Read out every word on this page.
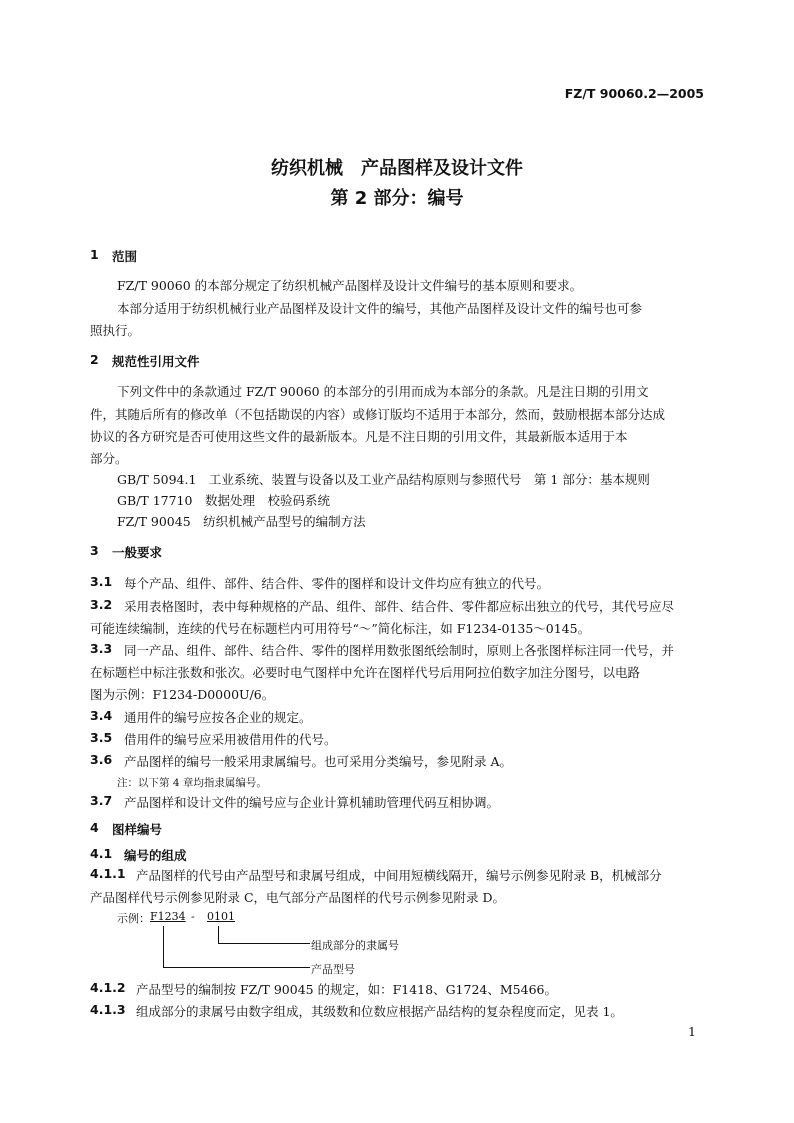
FZ/T 90060.2—2005
纺织机械　产品图样及设计文件
第 2 部分：编号
1 范围
FZ/T 90060 的本部分规定了纺织机械产品图样及设计文件编号的基本原则和要求。
本部分适用于纺织机械行业产品图样及设计文件的编号，其他产品图样及设计文件的编号也可参
照执行。
2 规范性引用文件
下列文件中的条款通过 FZ/T 90060 的本部分的引用而成为本部分的条款。凡是注日期的引用文
件，其随后所有的修改单（不包括勘误的内容）或修订版均不适用于本部分，然而，鼓励根据本部分达成
协议的各方研究是否可使用这些文件的最新版本。凡是不注日期的引用文件，其最新版本适用于本
部分。
GB/T 5094.1　工业系统、装置与设备以及工业产品结构原则与参照代号　第 1 部分：基本规则
GB/T 17710　数据处理　校验码系统
FZ/T 90045　纺织机械产品型号的编制方法
3 一般要求
3.1 每个产品、组件、部件、结合件、零件的图样和设计文件均应有独立的代号。
3.2 采用表格图时，表中每种规格的产品、组件、部件、结合件、零件都应标出独立的代号，其代号应尽
可能连续编制，连续的代号在标题栏内可用符号“～”简化标注，如 F1234-0135～0145。
3.3 同一产品、组件、部件、结合件、零件的图样用数张图纸绘制时，原则上各张图样标注同一代号，并
在标题栏中标注张数和张次。必要时电气图样中允许在图样代号后用阿拉伯数字加注分图号，以电路
图为示例：F1234-D0000U/6。
3.4 通用件的编号应按各企业的规定。
3.5 借用件的编号应采用被借用件的代号。
3.6 产品图样的编号一般采用隶属编号。也可采用分类编号，参见附录 A。
注：以下第 4 章均指隶属编号。
3.7 产品图样和设计文件的编号应与企业计算机辅助管理代码互相协调。
4 图样编号
4.1 编号的组成
4.1.1 产品图样的代号由产品型号和隶属号组成，中间用短横线隔开，编号示例参见附录 B，机械部分
产品图样代号示例参见附录 C，电气部分产品图样的代号示例参见附录 D。
示例： F1234 - 0101
组成部分的隶属号
产品型号
4.1.2 产品型号的编制按 FZ/T 90045 的规定，如：F1418、G1724、M5466。
4.1.3 组成部分的隶属号由数字组成，其级数和位数应根据产品结构的复杂程度而定，见表 1。
1
